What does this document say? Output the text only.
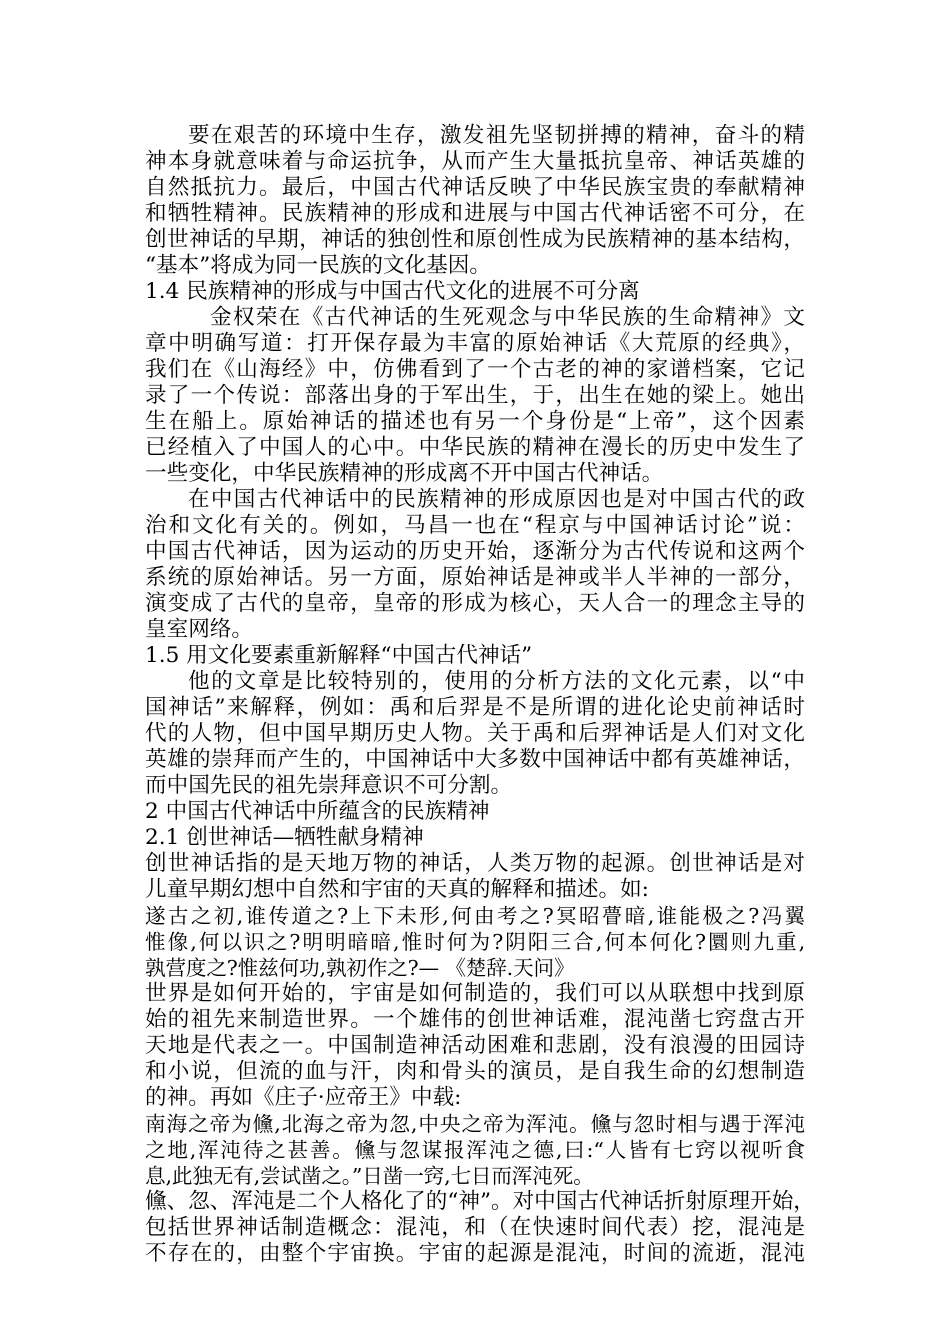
要在艰苦的环境中生存，激发祖先坚韧拼搏的精神，奋斗的精
神本身就意味着与命运抗争，从而产生大量抵抗皇帝、神话英雄的
自然抵抗力。最后，中国古代神话反映了中华民族宝贵的奉献精神
和牺牲精神。民族精神的形成和进展与中国古代神话密不可分，在
创世神话的早期，神话的独创性和原创性成为民族精神的基本结构，
“基本”将成为同一民族的文化基因。
1.4 民族精神的形成与中国古代文化的进展不可分离
金权荣在《古代神话的生死观念与中华民族的生命精神》文
章中明确写道：打开保存最为丰富的原始神话《大荒原的经典》，
我们在《山海经》中，仿佛看到了一个古老的神的家谱档案，它记
录了一个传说：部落出身的于军出生，于，出生在她的梁上。她出
生在船上。原始神话的描述也有另一个身份是“上帝”，这个因素
已经植入了中国人的心中。中华民族的精神在漫长的历史中发生了
一些变化，中华民族精神的形成离不开中国古代神话。
在中国古代神话中的民族精神的形成原因也是对中国古代的政
治和文化有关的。例如，马昌一也在“程京与中国神话讨论”说：
中国古代神话，因为运动的历史开始，逐渐分为古代传说和这两个
系统的原始神话。另一方面，原始神话是神或半人半神的一部分，
演变成了古代的皇帝，皇帝的形成为核心，天人合一的理念主导的
皇室网络。
1.5 用文化要素重新解释“中国古代神话”
他的文章是比较特别的，使用的分析方法的文化元素，以“中
国神话”来解释，例如：禹和后羿是不是所谓的进化论史前神话时
代的人物，但中国早期历史人物。关于禹和后羿神话是人们对文化
英雄的崇拜而产生的，中国神话中大多数中国神话中都有英雄神话，
而中国先民的祖先崇拜意识不可分割。
2 中国古代神话中所蕴含的民族精神
2.1 创世神话—牺牲献身精神
创世神话指的是天地万物的神话，人类万物的起源。创世神话是对
儿童早期幻想中自然和宇宙的天真的解释和描述。如:
遂古之初,谁传道之?上下未形,何由考之?冥昭瞢暗,谁能极之?冯翼
惟像,何以识之?明明暗暗,惟时何为?阴阳三合,何本何化?圜则九重,
孰营度之?惟兹何功,孰初作之?— 《楚辞.天问》
世界是如何开始的，宇宙是如何制造的，我们可以从联想中找到原
始的祖先来制造世界。一个雄伟的创世神话难，混沌凿七窍盘古开
天地是代表之一。中国制造神活动困难和悲剧，没有浪漫的田园诗
和小说，但流的血与汗，肉和骨头的演员，是自我生命的幻想制造
的神。再如《庄子·应帝王》中载:
南海之帝为儵,北海之帝为忽,中央之帝为浑沌。儵与忽时相与遇于浑沌
之地,浑沌待之甚善。儵与忽谋报浑沌之德,曰:“人皆有七窍以视听食
息,此独无有,尝试凿之。”日凿一窍,七日而浑沌死。
儵、忽、浑沌是二个人格化了的“神”。对中国古代神话折射原理开始，
包括世界神话制造概念：混沌，和（在快速时间代表）挖，混沌是
不存在的，由整个宇宙换。宇宙的起源是混沌，时间的流逝，混沌
